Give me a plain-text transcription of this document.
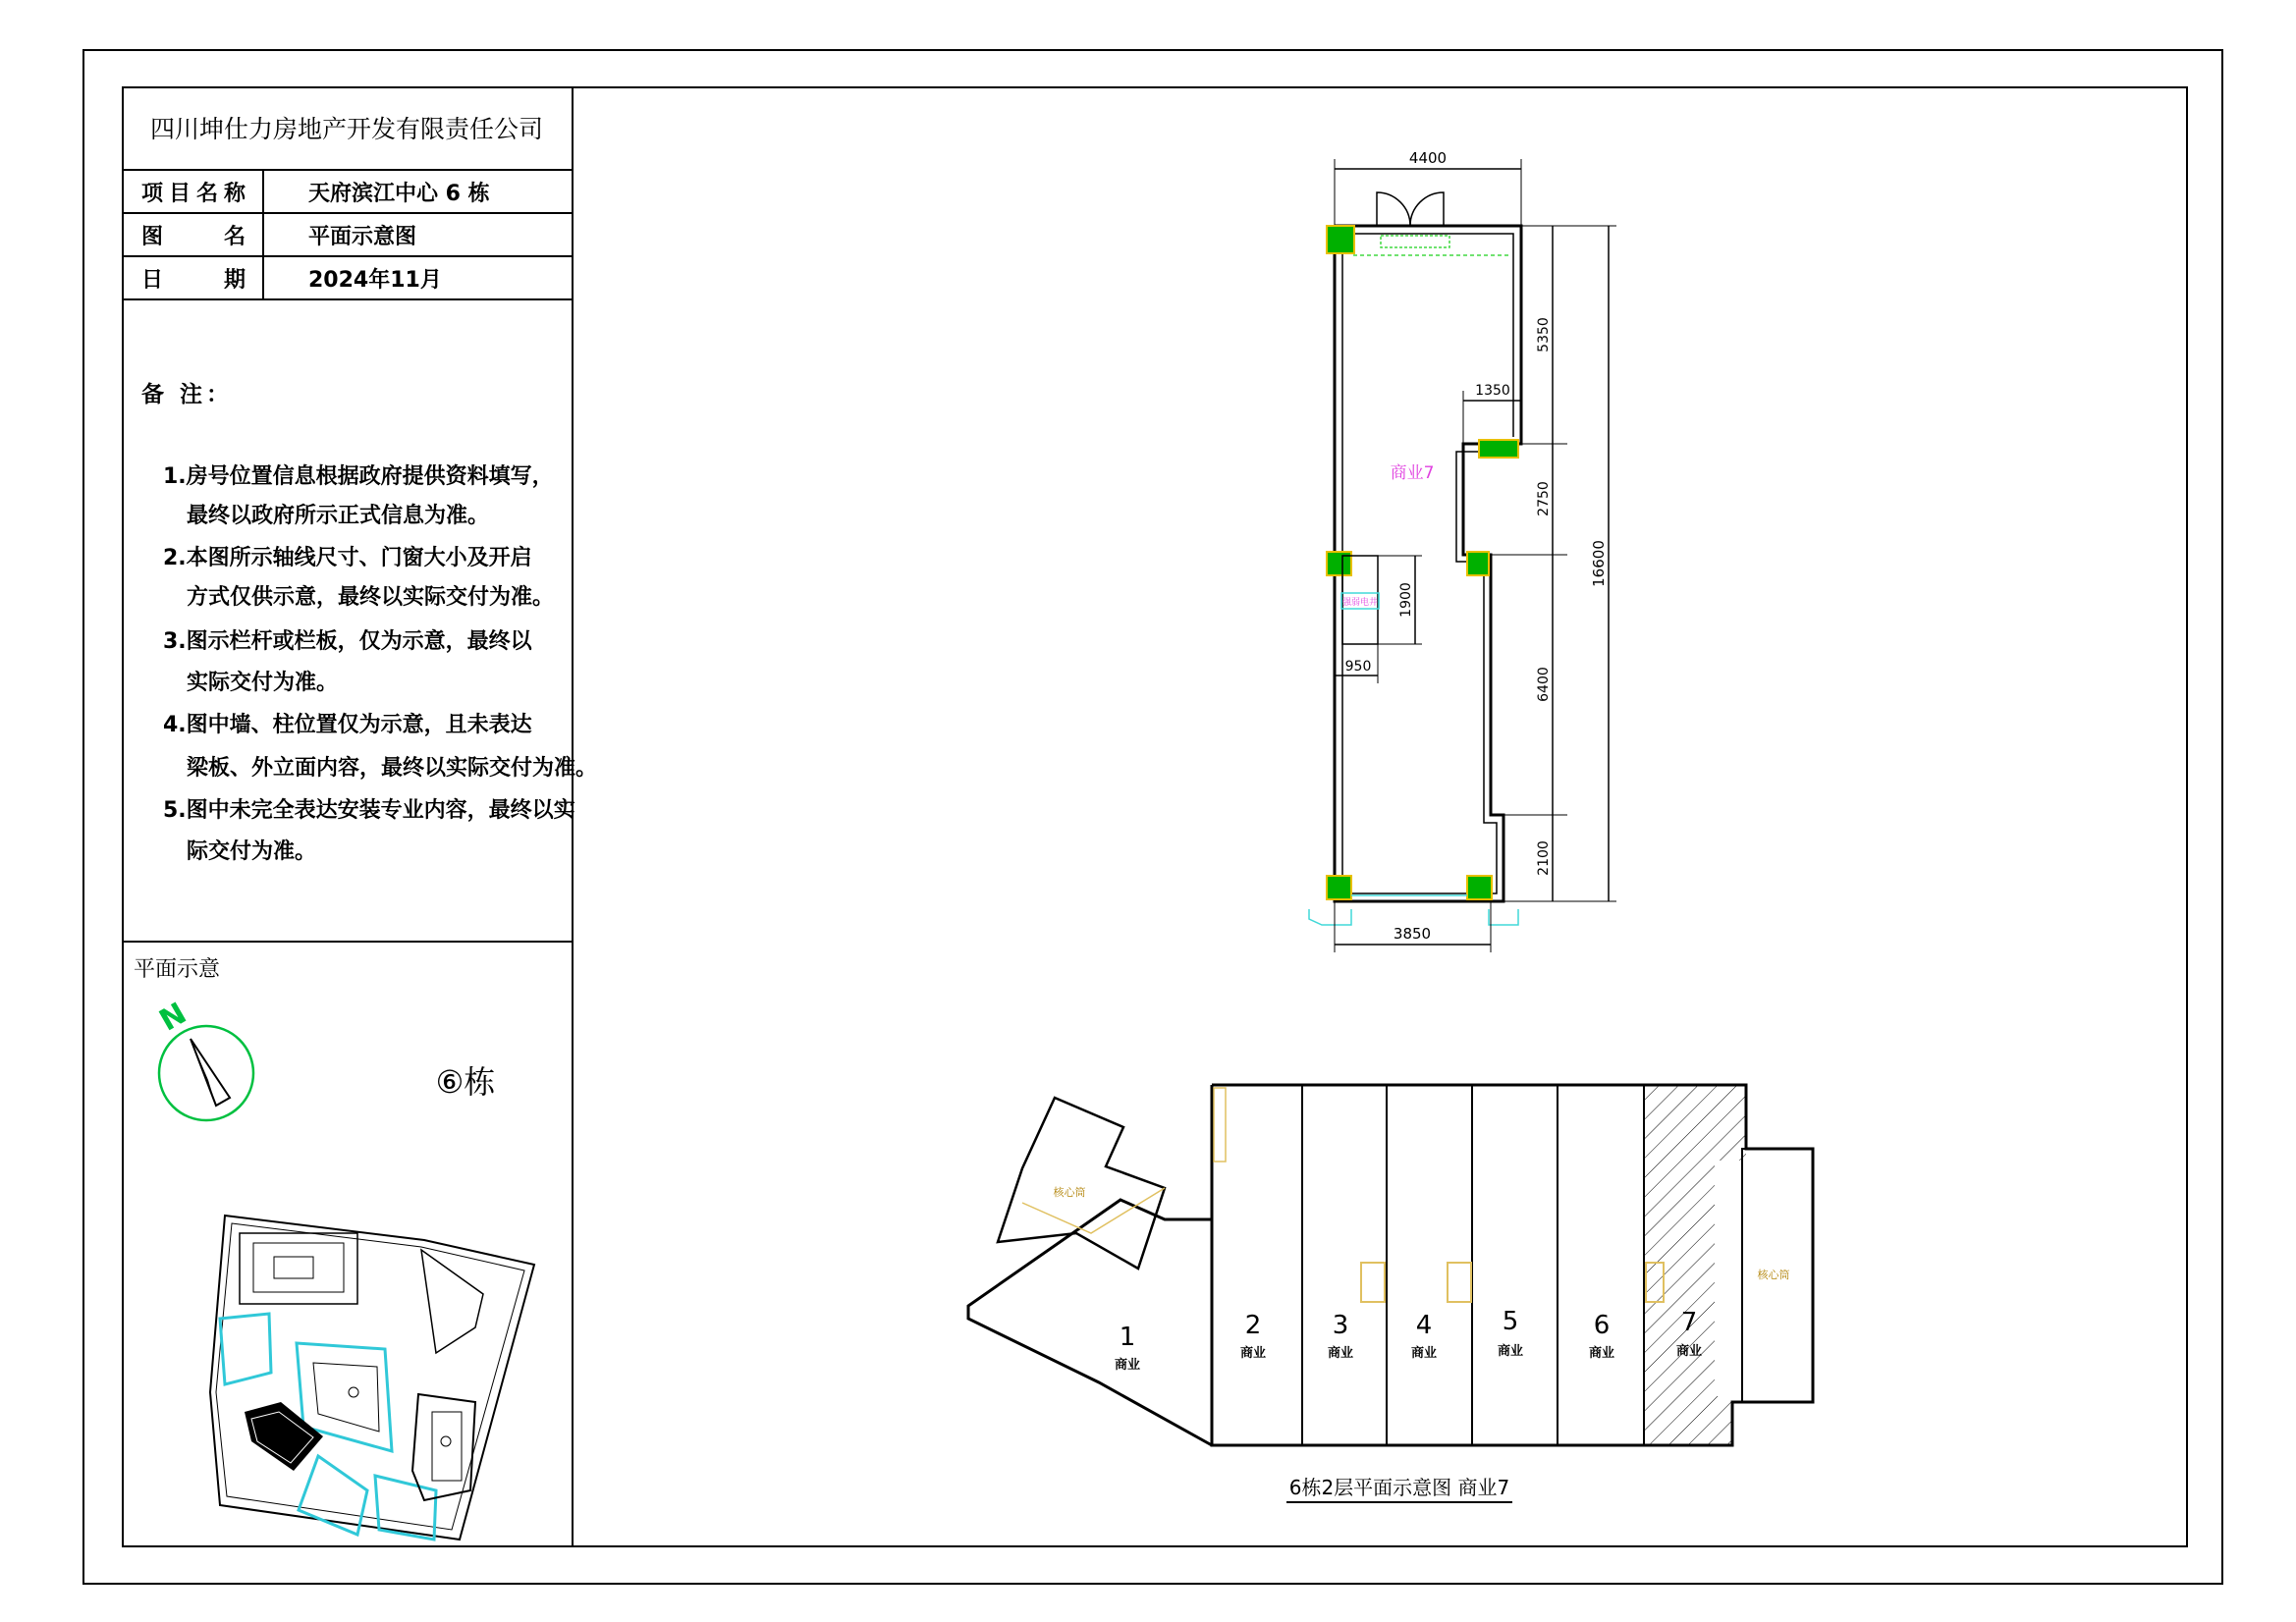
四川坤仕力房地产开发有限责任公司
项目名称	天府滨江中心 6 栋
图　　名	平面示意图
日　　期	2024年11月
备 注：
1.房号位置信息根据政府提供资料填写，
最终以政府所示正式信息为准。
2.本图所示轴线尺寸、门窗大小及开启
方式仅供示意，最终以实际交付为准。
3.图示栏杆或栏板，仅为示意，最终以
实际交付为准。
4.图中墙、柱位置仅为示意，且未表达
梁板、外立面内容，最终以实际交付为准。
5.图中未完全表达安装专业内容，最终以实
际交付为准。
平面示意
N
⑥栋
4400
强弱电井
商业7
3850
1350
1900
950
5350
2750
6400
2100
16600
核心筒
核心筒
1
商业
2
商业
3
商业
4
商业
5
商业
6
商业
7
商业
6栋2层平面示意图 商业7
